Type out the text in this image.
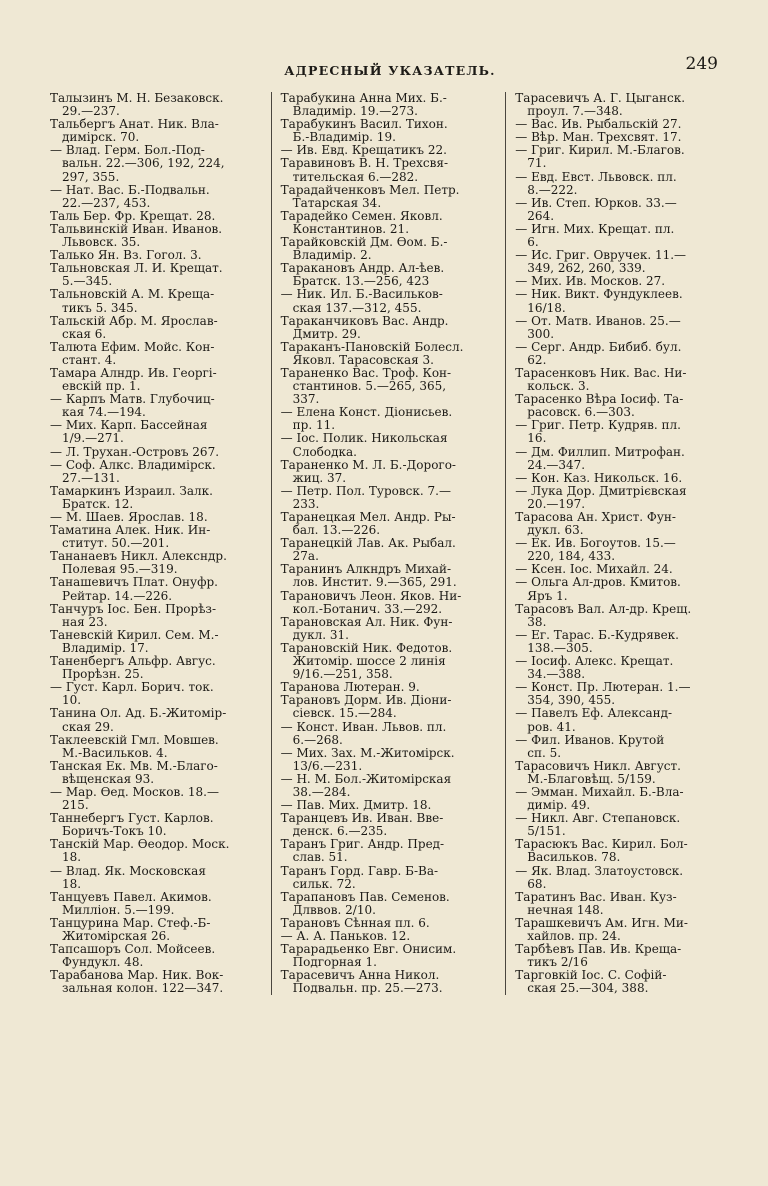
$_{АДРЕСНЫЙ УКАЗАТЕЛЬ.}$	249

Талызинъ М. Н. Безаковск.
29.—237.

Тальбергъ Анат. Ник. Вла-
димірск. 70.

— Влад. Герм. Бол.-Под-
вальн. 22.—306, 192, 224,
297, 355.

— Нат. Вас. Б.-Подвальн.
22.—237, 453.

Таль Бер. Фр. Крещат. 28.

Тальвинскій Иван. Иванов.
Львовск. 35.

Талько Ян. Вз. Гогол. 3.

Тальновская Л. И. Крещат.
5.—345.

Тальновскій А. М. Креща-
тикъ 5. 345.

Тальскій Абр. М. Ярослав-
ская 6.

Талюта Ефим. Мойс. Кон-
стант. 4.

Тамара Алндр. Ив. Георгі-
евскій пр. 1.

— Карпъ Матв. Глубочиц-
кая 74.—194.

— Мих. Карп. Бассейная
1/9.—271.

— Л. Трухан.-Островъ 267.

— Соф. Алкс. Владимірск.
27.—131.

Тамаркинъ Израил. Залк.
Братск. 12.

— М. Шаев. Ярослав. 18.

Таматина Алек. Ник. Ин-
ститут. 50.—201.

Тананаевъ Никл. Алексндр.
Полевая 95.—319.

Танашевичъ Плат. Онуфр.
Рейтар. 14.—226.

Танчуръ Іос. Бен. Прорѣз-
ная 23.

Таневскій Кирил. Сем. М.-
Владимір. 17.

Таненбергъ Альфр. Авгус.
Прорѣзн. 25.

— Густ. Карл. Борич. ток.
10.

Танина Ол. Ад. Б.-Житомір-
ская 29.

Таклеевскій Гмл. Мовшев.
М.-Васильков. 4.

Танская Ек. Мв. М.-Благо-
вѣщенская 93.

— Мар. Өед. Москов. 18.—
215.

Таннебергъ Густ. Карлов.
Боричъ-Токъ 10.

Танскій Мар. Өеодор. Моск.
18.

— Влад. Як. Московская
18.

Танцуевъ Павел. Акимов.
Милліон. 5.—199.

Танцурина Мар. Стеф.-Б-
Житомірская 26.

Тапсашоръ Сол. Мойсеев.
Фундукл. 48.

Тарабанова Мар. Ник. Вок-
зальная колон. 122—347.

Тарабукина Анна Мих. Б.-
Владимір. 19.—273.

Тарабукинъ Васил. Тихон.
Б.-Владимір. 19.

— Ив. Евд. Крещатикъ 22.

Таравиновъ В. Н. Трехсвя-
тительская 6.—282.

Тарадайченковъ Мел. Петр.
Татарская 34.

Тарадейко Семен. Яковл.
Константинов. 21.

Тарайковскій Дм. Өом. Б.-
Владимір. 2.

Таракановъ Андр. Ал-ѣев.
Братск. 13.—256, 423

— Ник. Ил. Б.-Васильков-
ская 137.—312, 455.

Тараканчиковъ Вас. Андр.
Дмитр. 29.

Тараканъ-Пановскій Болесл.
Яковл. Тарасовская 3.

Тараненко Вас. Троф. Кон-
стантинов. 5.—265, 365,
337.

— Елена Конст. Діонисьев.
пр. 11.

— Іос. Полик. Никольская
Слободка.

Тараненко М. Л. Б.-Дорого-
жиц. 37.

— Петр. Пол. Туровск. 7.—
233.

Таранецкая Мел. Андр. Ры-
бал. 13.—226.

Таранецкій Лав. Ак. Рыбал.
27а.

Таранинъ Алкндръ Михай-
лов. Инстит. 9.—365, 291.

Тарановичъ Леон. Яков. Ни-
кол.-Ботанич. 33.—292.

Тарановская Ал. Ник. Фун-
дукл. 31.

Тарановскій Ник. Федотов.
Житомір. шоссе 2 линія
9/16.—251, 358.

Таранова Лютеран. 9.

Тарановъ Дорм. Ив. Діони-
сіевск. 15.—284.

— Конст. Иван. Львов. пл.
6.—268.

— Мих. Зах. М.-Житомірск.
13/6.—231.

— Н. М. Бол.-Житомірская
38.—284.

— Пав. Мих. Дмитр. 18.

Таранцевъ Ив. Иван. Вве-
денск. 6.—235.

Таранъ Григ. Андр. Пред-
слав. 51.

Таранъ Горд. Гавр. Б-Ва-
сильк. 72.

Тарапановъ Пав. Семенов.
Длввов. 2/10.

Тарановъ Сѣнная пл. 6.

— А. А. Паньков. 12.

Тарарадьенко Евг. Онисим.
Подгорная 1.

Тарасевичъ Анна Никол.
Подвальн. пр. 25.—273.

Тарасевичъ А. Г. Цыганск.
проул. 7.—348.

— Вас. Ив. Рыбальскій 27.

— Вѣр. Ман. Трехсвят. 17.

— Григ. Кирил. М.-Благов.
71.

— Евд. Евст. Львовск. пл.
8.—222.

— Ив. Степ. Юрков. 33.—
264.

— Игн. Мих. Крещат. пл.
6.

— Ис. Григ. Овручек. 11.—
349, 262, 260, 339.

— Мих. Ив. Москов. 27.

— Ник. Викт. Фундуклеев.
16/18.

— От. Матв. Иванов. 25.—
300.

— Серг. Андр. Бибиб. бул.
62.

Тарасенковъ Ник. Вас. Ни-
кольск. 3.

Тарасенко Вѣра Іосиф. Та-
расовск. 6.—303.

— Григ. Петр. Кудряв. пл.
16.

— Дм. Филлип. Митрофан.
24.—347.

— Кон. Каз. Никольск. 16.

— Лука Дор. Дмитрієвская
20.—197.

Тарасова Ан. Христ. Фун-
дукл. 63.

— Ек. Ив. Богоутов. 15.—
220, 184, 433.

— Ксен. Іос. Михайл. 24.

— Ольга Ал-дров. Кмитов.
Яръ 1.

Тарасовъ Вал. Ал-др. Крещ.
38.

— Ег. Тарас. Б.-Кудрявек.
138.—305.

— Іосиф. Алекс. Крещат.
34.—388.

— Конст. Пр. Лютеран. 1.—
354, 390, 455.

— Павелъ Еф. Александ-
ров. 41.

— Фил. Иванов. Крутой
сп. 5.

Тарасовичъ Никл. Август.
М.-Благовѣщ. 5/159.

— Эмман. Михайл. Б.-Вла-
димір. 49.

— Никл. Авг. Степановск.
5/151.

Тарасюкъ Вас. Кирил. Бол-
Васильков. 78.

— Як. Влад. Златоустовск.
68.

Таратинъ Вас. Иван. Куз-
нечная 148.

Тарашкевичъ Ам. Игн. Ми-
хайлов. пр. 24.

Тарбѣевъ Пав. Ив. Креща-
тикъ 2/16

Тарговкій Іос. С. Софій-
ская 25.—304, 388.
